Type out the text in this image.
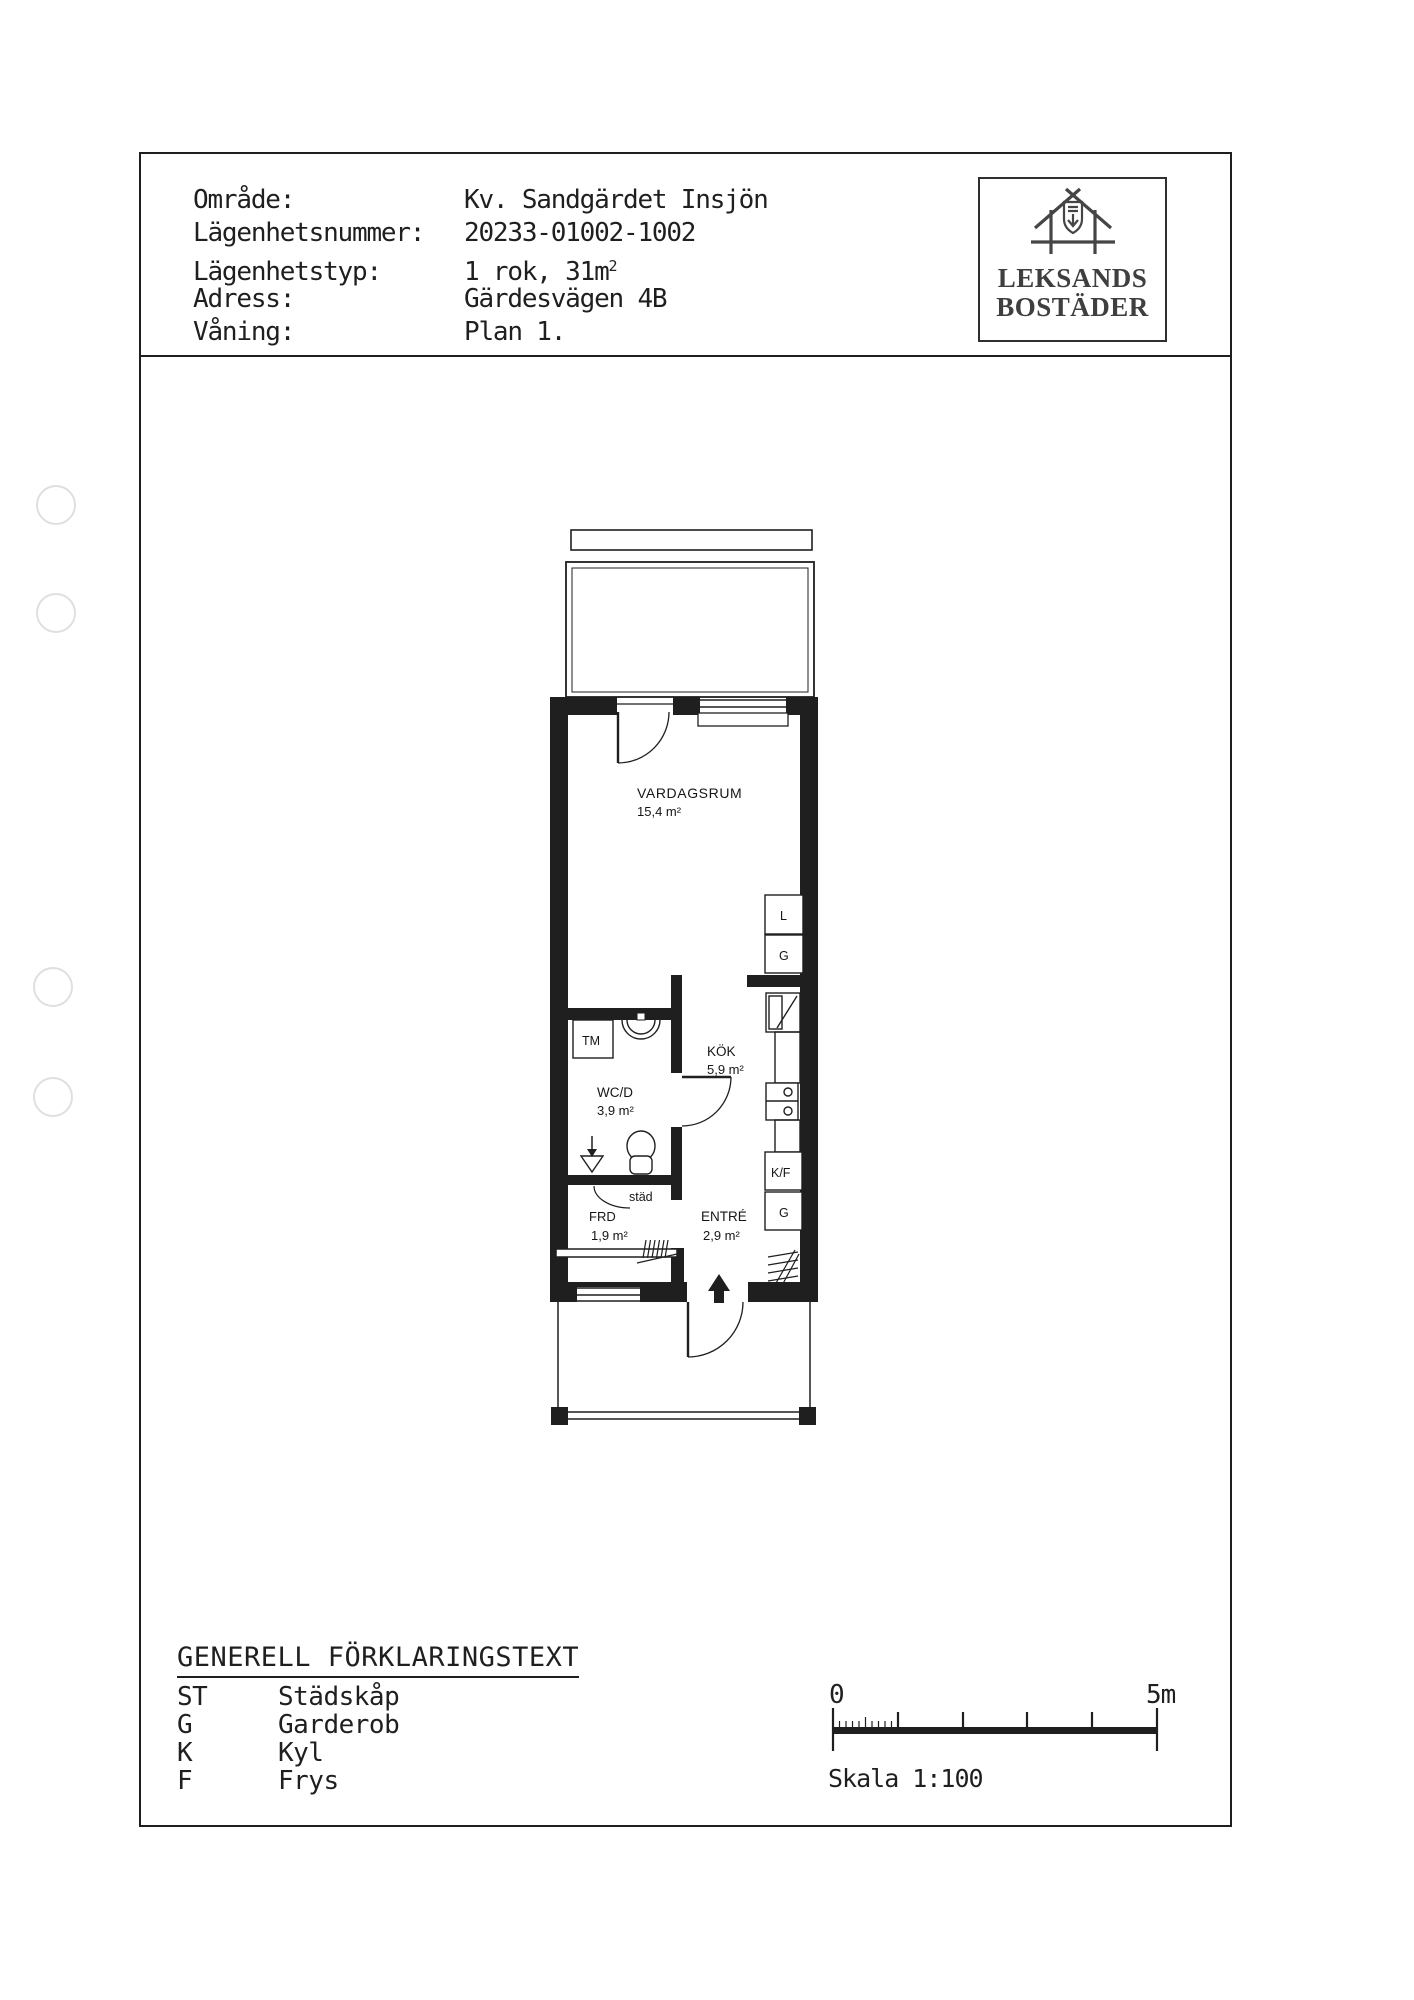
Område:	Kv. Sandgärdet Insjön
Lägenhetsnummer: 20233-01002-1002
Lägenhetstyp:	1 rok, $31m^2$
Adress:	Gärdesvägen 4B
Våning:	Plan 1.
LEKSANDS
BOSTÄDER
VARDAGSRUM
15,4 m²
KÖK
5,9 m²
WC/D
3,9 m²
FRD
1,9 m²
ENTRÉ
2,9 m²
TM
städ
L
G
K/F
G
GENERELL FÖRKLARINGSTEXT
ST	Städskåp
G	Garderob
K	Kyl
F	Frys
0	5m
Skala 1:100
